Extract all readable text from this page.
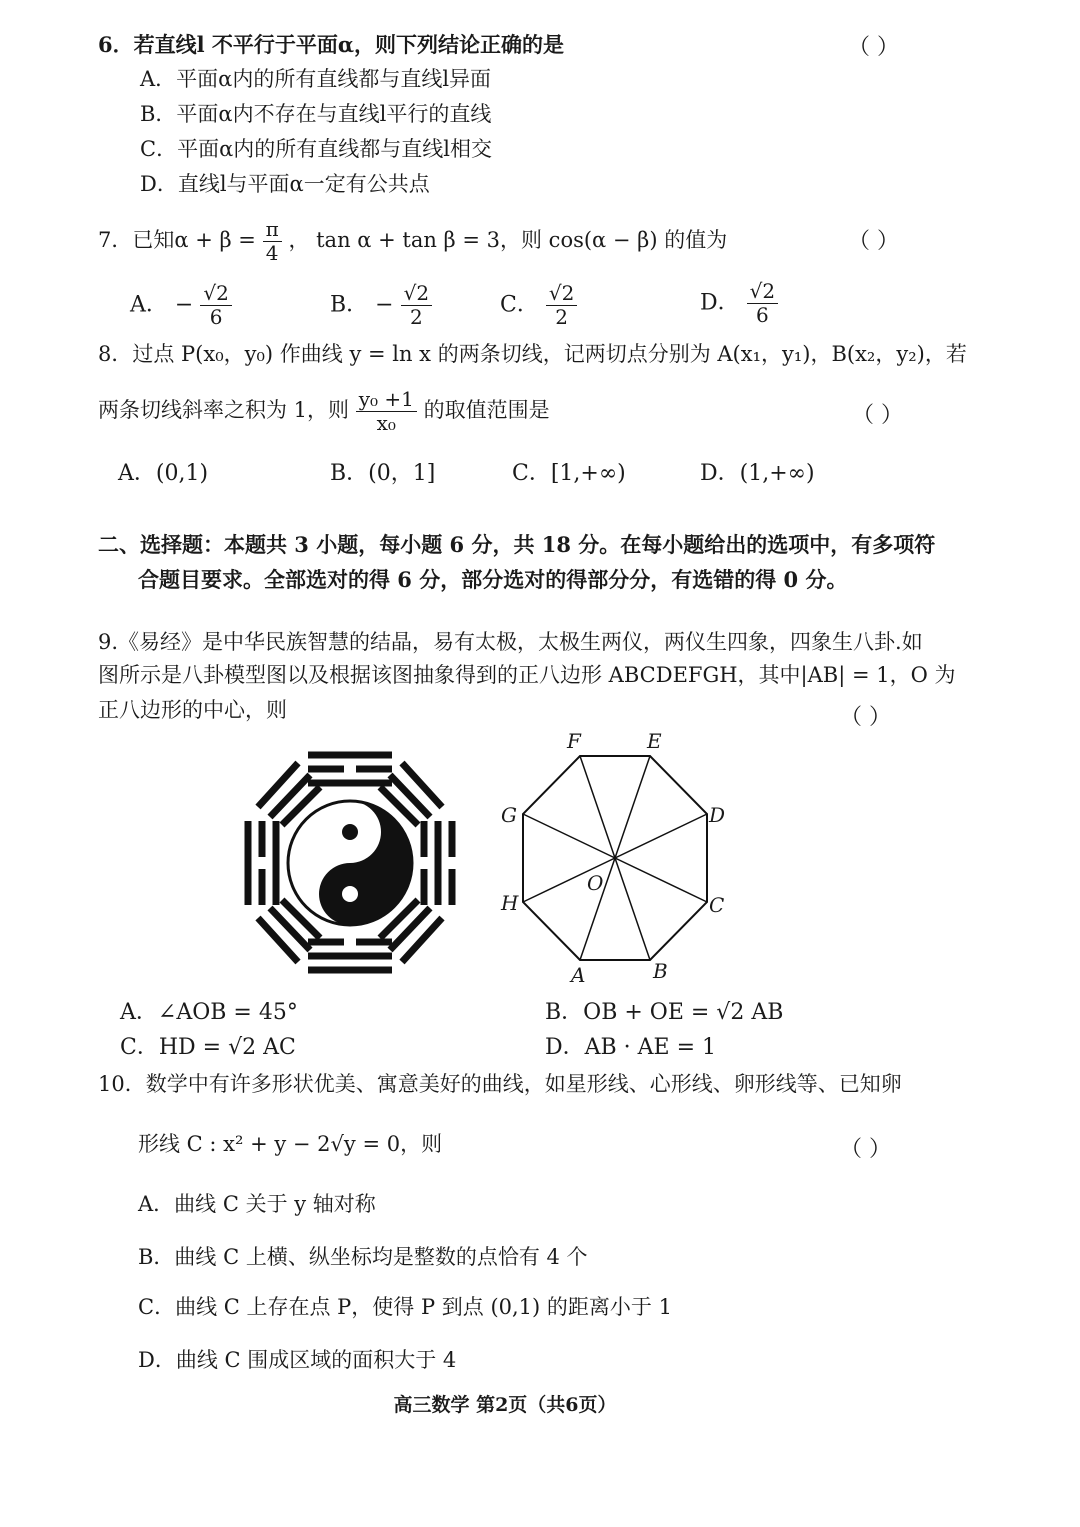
6．若直线l 不平行于平面α，则下列结论正确的是	（ ）
A．平面α内的所有直线都与直线l异面
B．平面α内不存在与直线l平行的直线
C．平面α内的所有直线都与直线l相交
D．直线l与平面α一定有公共点
7．已知$\alpha + \beta = \frac{\pi}{4}$ ， tan α + tan β = 3，则 cos(α − β) 的值为	（ ）
A． − $\frac{√2}{6}$	B． − $\frac{√2}{2}$	C． $\frac{√2}{2}$	D． $\frac{√2}{6}$
8．过点 P(x₀，y₀) 作曲线 y = ln x 的两条切线，记两切点分别为 A(x₁，y₁)，B(x₂，y₂)，若
两条切线斜率之积为 1，则 $\frac{\text{y₀ +1}}{\text{x₀}}$ 的取值范围是	（ ）
A．(0,1)	B．(0，1]	C．[1,+∞)	D．(1,+∞)
二、选择题：本题共 3 小题，每小题 6 分，共 18 分。在每小题给出的选项中，有多项符
合题目要求。全部选对的得 6 分，部分选对的得部分分，有选错的得 0 分。
9.《易经》是中华民族智慧的结晶，易有太极，太极生两仪，两仪生四象，四象生八卦.如
图所示是八卦模型图以及根据该图抽象得到的正八边形 ABCDEFGH，其中|AB| = 1，O 为
正八边形的中心，则	（ ）
F	E
G	D
H	C
A	B
O
A．∠AOB = 45°	B．OB + OE = √2 AB
C．HD = √2 AC	D．AB · AE = 1
10．数学中有许多形状优美、寓意美好的曲线，如星形线、心形线、卵形线等、已知卵
形线 C : x² + y − 2√y = 0，则	（ ）
A．曲线 C 关于 y 轴对称
B．曲线 C 上横、纵坐标均是整数的点恰有 4 个
C．曲线 C 上存在点 P，使得 P 到点 (0,1) 的距离小于 1
D．曲线 C 围成区域的面积大于 4
高三数学 第2页（共6页）
